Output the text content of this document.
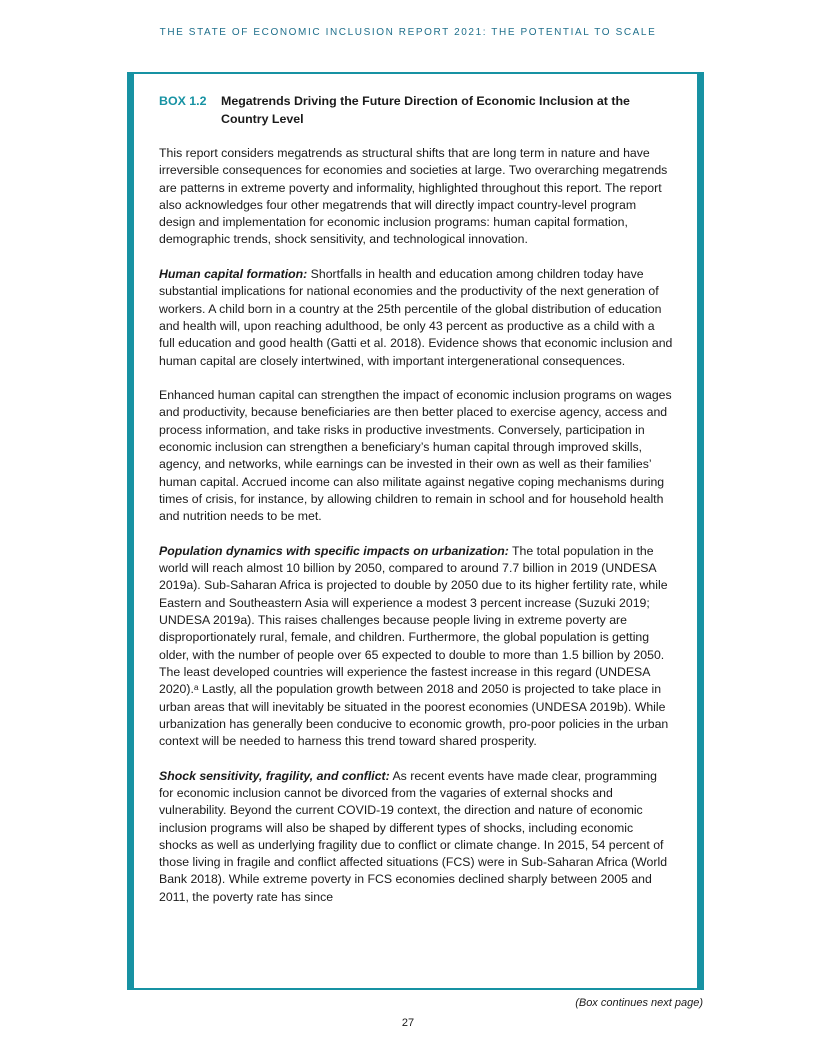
THE STATE OF ECONOMIC INCLUSION REPORT 2021: THE POTENTIAL TO SCALE
BOX 1.2 Megatrends Driving the Future Direction of Economic Inclusion at the Country Level

This report considers megatrends as structural shifts that are long term in nature and have irreversible consequences for economies and societies at large. Two overarching megatrends are patterns in extreme poverty and informality, highlighted throughout this report. The report also acknowledges four other megatrends that will directly impact country-level program design and implementation for economic inclusion programs: human capital formation, demographic trends, shock sensitivity, and technological innovation.

Human capital formation: Shortfalls in health and education among children today have substantial implications for national economies and the productivity of the next generation of workers. A child born in a country at the 25th percentile of the global distribution of education and health will, upon reaching adulthood, be only 43 percent as productive as a child with a full education and good health (Gatti et al. 2018). Evidence shows that economic inclusion and human capital are closely intertwined, with important intergenerational consequences.

Enhanced human capital can strengthen the impact of economic inclusion programs on wages and productivity, because beneficiaries are then better placed to exercise agency, access and process information, and take risks in productive investments. Conversely, participation in economic inclusion can strengthen a beneficiary’s human capital through improved skills, agency, and networks, while earnings can be invested in their own as well as their families’ human capital. Accrued income can also militate against negative coping mechanisms during times of crisis, for instance, by allowing children to remain in school and for household health and nutrition needs to be met.

Population dynamics with specific impacts on urbanization: The total population in the world will reach almost 10 billion by 2050, compared to around 7.7 billion in 2019 (UNDESA 2019a). Sub-Saharan Africa is projected to double by 2050 due to its higher fertility rate, while Eastern and Southeastern Asia will experience a modest 3 percent increase (Suzuki 2019; UNDESA 2019a). This raises challenges because people living in extreme poverty are disproportionately rural, female, and children. Furthermore, the global population is getting older, with the number of people over 65 expected to double to more than 1.5 billion by 2050. The least developed countries will experience the fastest increase in this regard (UNDESA 2020).ᵃ Lastly, all the population growth between 2018 and 2050 is projected to take place in urban areas that will inevitably be situated in the poorest economies (UNDESA 2019b). While urbanization has generally been conducive to economic growth, pro-poor policies in the urban context will be needed to harness this trend toward shared prosperity.

Shock sensitivity, fragility, and conflict: As recent events have made clear, programming for economic inclusion cannot be divorced from the vagaries of external shocks and vulnerability. Beyond the current COVID-19 context, the direction and nature of economic inclusion programs will also be shaped by different types of shocks, including economic shocks as well as underlying fragility due to conflict or climate change. In 2015, 54 percent of those living in fragile and conflict affected situations (FCS) were in Sub-Saharan Africa (World Bank 2018). While extreme poverty in FCS economies declined sharply between 2005 and 2011, the poverty rate has since

(Box continues next page)
27
